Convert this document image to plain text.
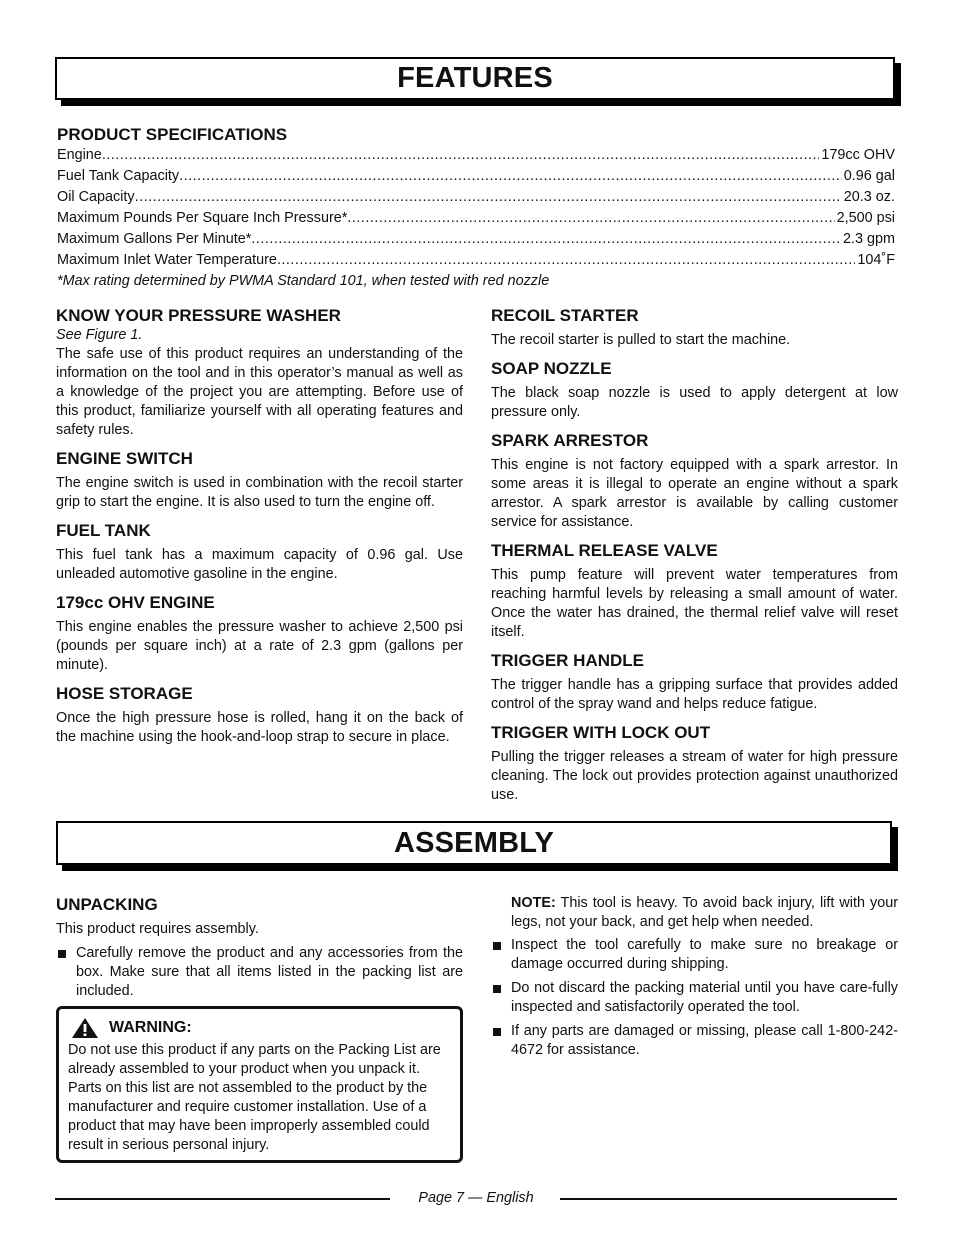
FEATURES
PRODUCT SPECIFICATIONS
Engine .....	179cc OHV
Fuel Tank Capacity .....	0.96 gal
Oil Capacity .....	20.3 oz.
Maximum Pounds Per Square Inch Pressure* .....	2,500 psi
Maximum Gallons Per Minute* .....	2.3 gpm
Maximum Inlet Water Temperature .....	104˚F
*Max rating determined by PWMA Standard 101, when tested with red nozzle
KNOW YOUR PRESSURE WASHER

See Figure 1.

The safe use of this product requires an understanding of the information on the tool and in this operator’s manual as well as a knowledge of the project you are attempting. Before use of this product, familiarize yourself with all operating features and safety rules.

ENGINE SWITCH

The engine switch is used in combination with the recoil starter grip to start the engine. It is also used to turn the engine off.

FUEL TANK

This fuel tank has a maximum capacity of 0.96 gal. Use unleaded automotive gasoline in the engine.

179cc OHV ENGINE

This engine enables the pressure washer to achieve 2,500 psi (pounds per square inch) at a rate of 2.3 gpm (gallons per minute).

HOSE STORAGE

Once the high pressure hose is rolled, hang it on the back of the machine using the hook-and-loop strap to secure in place.

RECOIL STARTER

The recoil starter is pulled to start the machine.

SOAP NOZZLE

The black soap nozzle is used to apply detergent at low pressure only.

SPARK ARRESTOR

This engine is not factory equipped with a spark arrestor. In some areas it is illegal to operate an engine without a spark arrestor. A spark arrestor is available by calling customer service for assistance.

THERMAL RELEASE VALVE

This pump feature will prevent water temperatures from reaching harmful levels by releasing a small amount of water. Once the water has drained, the thermal relief valve will reset itself.

TRIGGER HANDLE

The trigger handle has a gripping surface that provides added control of the spray wand and helps reduce fatigue.

TRIGGER WITH LOCK OUT

Pulling the trigger releases a stream of water for high pressure cleaning. The lock out provides protection against unauthorized use.

ASSEMBLY
UNPACKING

This product requires assembly.

Carefully remove the product and any accessories from the box. Make sure that all items listed in the packing list are included.
WARNING:

Do not use this product if any parts on the Packing List are already assembled to your product when you unpack it. Parts on this list are not assembled to the product by the manufacturer and require customer installation. Use of a product that may have been improperly assembled could result in serious personal injury.

NOTE: This tool is heavy. To avoid back injury, lift with your legs, not your back, and get help when needed.

Inspect the tool carefully to make sure no breakage or damage occurred during shipping.
Do not discard the packing material until you have care-fully inspected and satisfactorily operated the tool.
If any parts are damaged or missing, please call 1-800-242-4672 for assistance.
Page 7 — English
